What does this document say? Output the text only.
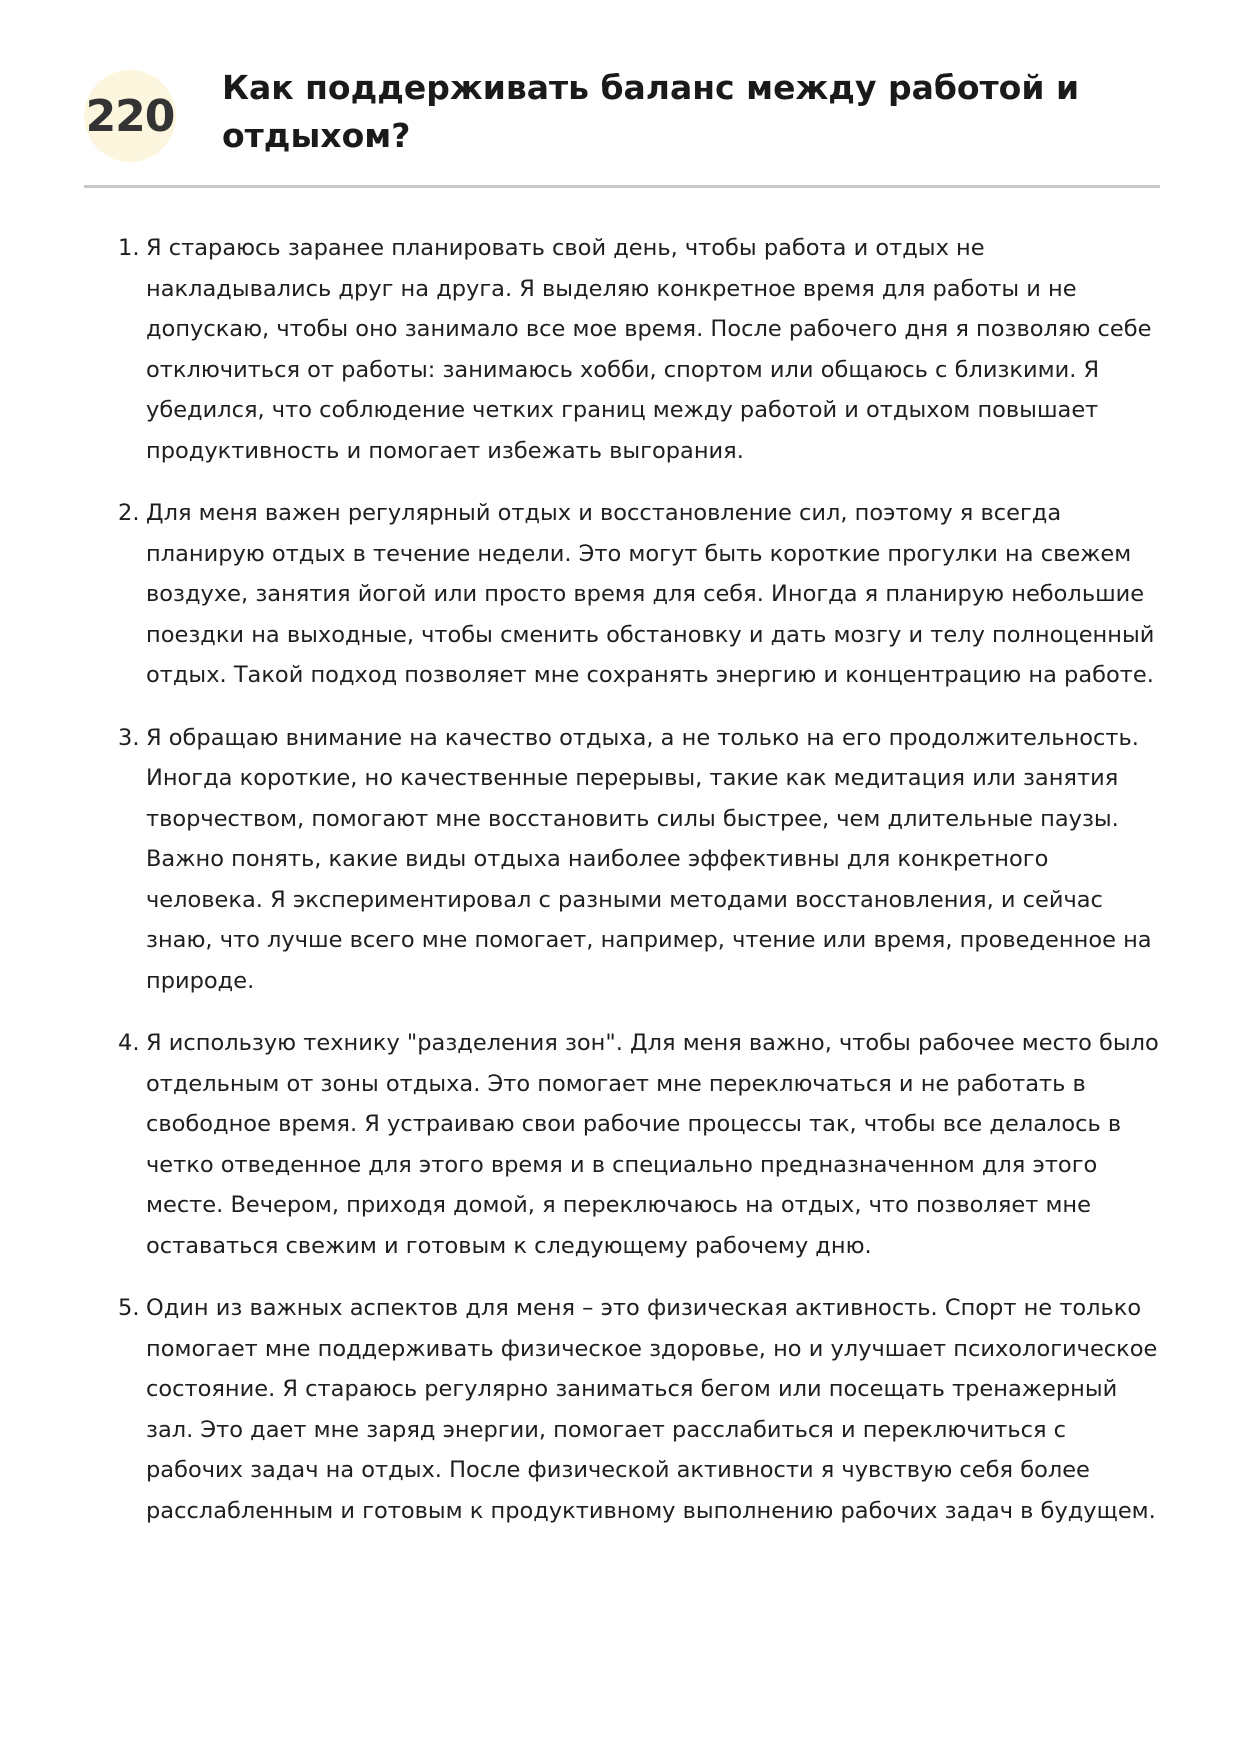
220
Как поддерживать баланс между работой и отдыхом?
1. Я стараюсь заранее планировать свой день, чтобы работа и отдых не накладывались друг на друга. Я выделяю конкретное время для работы и не допускаю, чтобы оно занимало все мое время. После рабочего дня я позволяю себе отключиться от работы: занимаюсь хобби, спортом или общаюсь с близкими. Я убедился, что соблюдение четких границ между работой и отдыхом повышает продуктивность и помогает избежать выгорания.
2. Для меня важен регулярный отдых и восстановление сил, поэтому я всегда планирую отдых в течение недели. Это могут быть короткие прогулки на свежем воздухе, занятия йогой или просто время для себя. Иногда я планирую небольшие поездки на выходные, чтобы сменить обстановку и дать мозгу и телу полноценный отдых. Такой подход позволяет мне сохранять энергию и концентрацию на работе.
3. Я обращаю внимание на качество отдыха, а не только на его продолжительность. Иногда короткие, но качественные перерывы, такие как медитация или занятия творчеством, помогают мне восстановить силы быстрее, чем длительные паузы. Важно понять, какие виды отдыха наиболее эффективны для конкретного человека. Я экспериментировал с разными методами восстановления, и сейчас знаю, что лучше всего мне помогает, например, чтение или время, проведенное на природе.
4. Я использую технику "разделения зон". Для меня важно, чтобы рабочее место было отдельным от зоны отдыха. Это помогает мне переключаться и не работать в свободное время. Я устраиваю свои рабочие процессы так, чтобы все делалось в четко отведенное для этого время и в специально предназначенном для этого месте. Вечером, приходя домой, я переключаюсь на отдых, что позволяет мне оставаться свежим и готовым к следующему рабочему дню.
5. Один из важных аспектов для меня – это физическая активность. Спорт не только помогает мне поддерживать физическое здоровье, но и улучшает психологическое состояние. Я стараюсь регулярно заниматься бегом или посещать тренажерный зал. Это дает мне заряд энергии, помогает расслабиться и переключиться с рабочих задач на отдых. После физической активности я чувствую себя более расслабленным и готовым к продуктивному выполнению рабочих задач в будущем.
